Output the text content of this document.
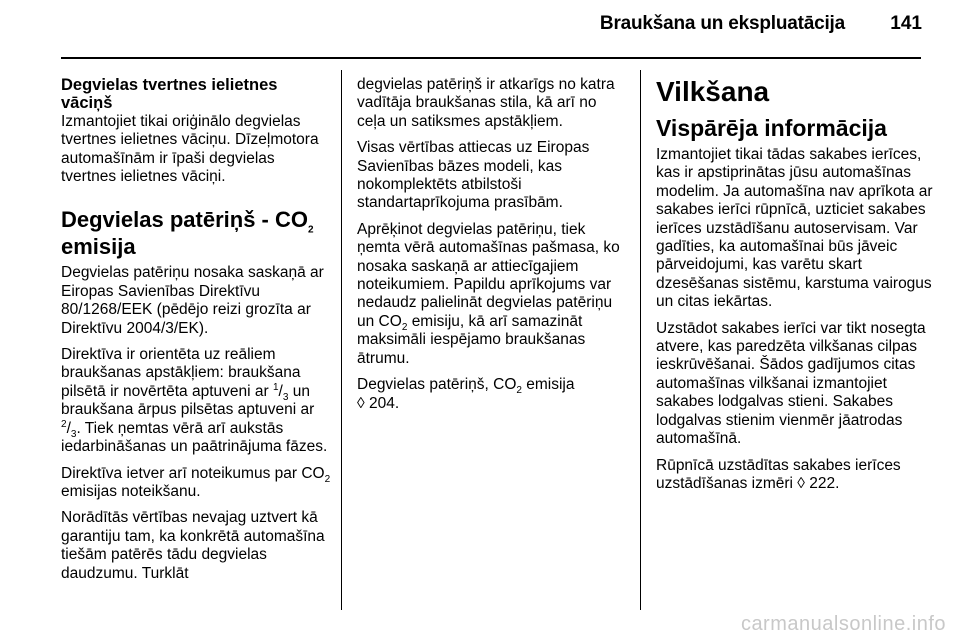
Braukšana un ekspluatācija 141
Degvielas tvertnes ielietnes vāciņš

Izmantojiet tikai oriģinālo degvielas tvertnes ielietnes vāciņu. Dīzeļmotora automašīnām ir īpaši degvielas tvertnes ielietnes vāciņi.

Degvielas patēriņš - $CO_2$ emisija

Degvielas patēriņu nosaka saskaņā ar Eiropas Savienības Direktīvu 80/1268/EEK (pēdējo reizi grozīta ar Direktīvu 2004/3/EK).

Direktīva ir orientēta uz reāliem braukšanas apstākļiem: braukšana pilsētā ir novērtēta aptuveni ar $^1/_3$ un braukšana ārpus pilsētas aptuveni ar $^2/_3$. Tiek ņemtas vērā arī aukstās iedarbināšanas un paātrinājuma fāzes.

Direktīva ietver arī noteikumus par $CO_2$ emisijas noteikšanu.

Norādītās vērtības nevajag uztvert kā garantiju tam, ka konkrētā automašīna tiešām patērēs tādu degvielas daudzumu. Turklāt

degvielas patēriņš ir atkarīgs no katra vadītāja braukšanas stila, kā arī no ceļa un satiksmes apstākļiem.

Visas vērtības attiecas uz Eiropas Savienības bāzes modeli, kas nokomplektēts atbilstoši standartaprīkojuma prasībām.

Aprēķinot degvielas patēriņu, tiek ņemta vērā automašīnas pašmasa, ko nosaka saskaņā ar attiecīgajiem noteikumiem. Papildu aprīkojums var nedaudz palielināt degvielas patēriņu un $CO_2$ emisiju, kā arī samazināt maksimāli iespējamo braukšanas ātrumu.

Degvielas patēriņš, $CO_2$ emisija
◊ 204.

Vilkšana
Vispārēja informācija

Izmantojiet tikai tādas sakabes ierīces, kas ir apstiprinātas jūsu automašīnas modelim. Ja automašīna nav aprīkota ar sakabes ierīci rūpnīcā, uzticiet sakabes ierīces uzstādīšanu autoservisam. Var gadīties, ka automašīnai būs jāveic pārveidojumi, kas varētu skart dzesēšanas sistēmu, karstuma vairogus un citas iekārtas.

Uzstādot sakabes ierīci var tikt nosegta atvere, kas paredzēta vilkšanas cilpas ieskrūvēšanai. Šādos gadījumos citas automašīnas vilkšanai izmantojiet sakabes lodgalvas stieni. Sakabes lodgalvas stienim vienmēr jāatrodas automašīnā.

Rūpnīcā uzstādītas sakabes ierīces uzstādīšanas izmēri ◊ 222.

carmanualsonline.info
